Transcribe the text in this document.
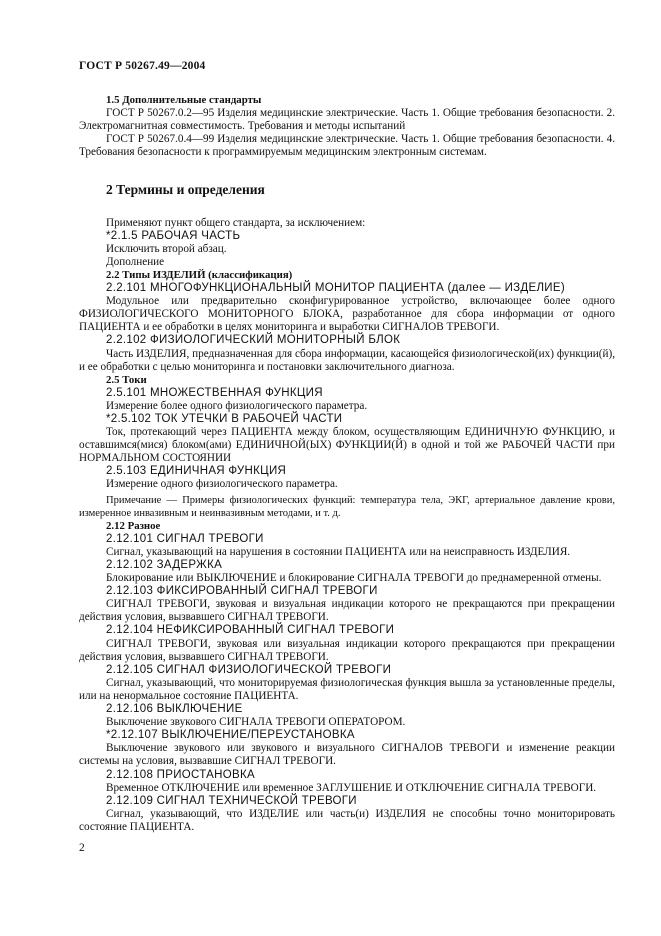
ГОСТ Р 50267.49—2004

1.5 Дополнительные стандарты

ГОСТ Р 50267.0.2—95 Изделия медицинские электрические. Часть 1. Общие требования безопасности. 2. Электромагнитная совместимость. Требования и методы испытаний

ГОСТ Р 50267.0.4—99 Изделия медицинские электрические. Часть 1. Общие требования безопасности. 4. Требования безопасности к программируемым медицинским электронным системам.

2 Термины и определения

Применяют пункт общего стандарта, за исключением:

*2.1.5 РАБОЧАЯ ЧАСТЬ

Исключить второй абзац.

Дополнение

2.2 Типы ИЗДЕЛИЙ (классификация)

2.2.101 МНОГОФУНКЦИОНАЛЬНЫЙ МОНИТОР ПАЦИЕНТА (далее — ИЗДЕЛИЕ)

Модульное или предварительно сконфигурированное устройство, включающее более одного ФИЗИОЛОГИЧЕСКОГО МОНИТОРНОГО БЛОКА, разработанное для сбора информации от одного ПАЦИЕНТА и ее обработки в целях мониторинга и выработки СИГНАЛОВ ТРЕВОГИ.

2.2.102 ФИЗИОЛОГИЧЕСКИЙ МОНИТОРНЫЙ БЛОК

Часть ИЗДЕЛИЯ, предназначенная для сбора информации, касающейся физиологической(их) функции(й), и ее обработки с целью мониторинга и постановки заключительного диагноза.

2.5 Токи

2.5.101 МНОЖЕСТВЕННАЯ ФУНКЦИЯ

Измерение более одного физиологического параметра.

*2.5.102 ТОК УТЕЧКИ В РАБОЧЕЙ ЧАСТИ

Ток, протекающий через ПАЦИЕНТА между блоком, осуществляющим ЕДИНИЧНУЮ ФУНКЦИЮ, и оставшимся(мися) блоком(ами) ЕДИНИЧНОЙ(ЫХ) ФУНКЦИИ(Й) в одной и той же РАБОЧЕЙ ЧАСТИ при НОРМАЛЬНОМ СОСТОЯНИИ

2.5.103 ЕДИНИЧНАЯ ФУНКЦИЯ

Измерение одного физиологического параметра.

Примечание — Примеры физиологических функций: температура тела, ЭКГ, артериальное давление крови, измеренное инвазивным и неинвазивным методами, и т. д.

2.12 Разное

2.12.101 СИГНАЛ ТРЕВОГИ

Сигнал, указывающий на нарушения в состоянии ПАЦИЕНТА или на неисправность ИЗДЕЛИЯ.

2.12.102 ЗАДЕРЖКА

Блокирование или ВЫКЛЮЧЕНИЕ и блокирование СИГНАЛА ТРЕВОГИ до преднамеренной отмены.

2.12.103 ФИКСИРОВАННЫЙ СИГНАЛ ТРЕВОГИ

СИГНАЛ ТРЕВОГИ, звуковая и визуальная индикации которого не прекращаются при прекращении действия условия, вызвавшего СИГНАЛ ТРЕВОГИ.

2.12.104 НЕФИКСИРОВАННЫЙ СИГНАЛ ТРЕВОГИ

СИГНАЛ ТРЕВОГИ, звуковая или визуальная индикации которого прекращаются при прекращении действия условия, вызвавшего СИГНАЛ ТРЕВОГИ.

2.12.105 СИГНАЛ ФИЗИОЛОГИЧЕСКОЙ ТРЕВОГИ

Сигнал, указывающий, что мониторируемая физиологическая функция вышла за установленные пределы, или на ненормальное состояние ПАЦИЕНТА.

2.12.106 ВЫКЛЮЧЕНИЕ

Выключение звукового СИГНАЛА ТРЕВОГИ ОПЕРАТОРОМ.

*2.12.107 ВЫКЛЮЧЕНИЕ/ПЕРЕУСТАНОВКА

Выключение звукового или звукового и визуального СИГНАЛОВ ТРЕВОГИ и изменение реакции системы на условия, вызвавшие СИГНАЛ ТРЕВОГИ.

2.12.108 ПРИОСТАНОВКА

Временное ОТКЛЮЧЕНИЕ или временное ЗАГЛУШЕНИЕ И ОТКЛЮЧЕНИЕ СИГНАЛА ТРЕВОГИ.

2.12.109 СИГНАЛ ТЕХНИЧЕСКОЙ ТРЕВОГИ

Сигнал, указывающий, что ИЗДЕЛИЕ или часть(и) ИЗДЕЛИЯ не способны точно мониторировать состояние ПАЦИЕНТА.

2
